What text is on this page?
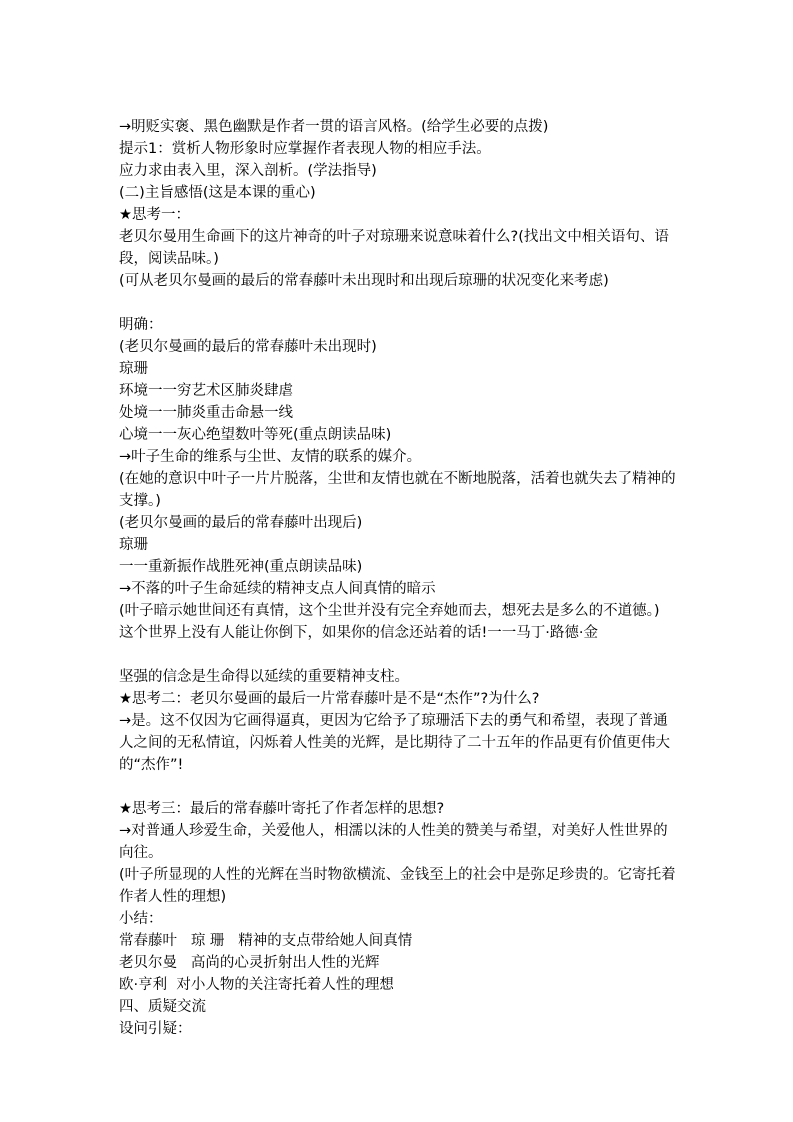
→明贬实褒、黑色幽默是作者一贯的语言风格。(给学生必要的点拨)
提示1：赏析人物形象时应掌握作者表现人物的相应手法。
应力求由表入里，深入剖析。(学法指导)
(二)主旨感悟(这是本课的重心)
★思考一：
老贝尔曼用生命画下的这片神奇的叶子对琼珊来说意味着什么?(找出文中相关语句、语段，阅读品味。)
(可从老贝尔曼画的最后的常春藤叶未出现时和出现后琼珊的状况变化来考虑)
明确：
(老贝尔曼画的最后的常春藤叶未出现时)
琼珊
环境一一穷艺术区肺炎肆虐
处境一一肺炎重击命悬一线
心境一一灰心绝望数叶等死(重点朗读品味)
→叶子生命的维系与尘世、友情的联系的媒介。
(在她的意识中叶子一片片脱落，尘世和友情也就在不断地脱落，活着也就失去了精神的支撑。)
(老贝尔曼画的最后的常春藤叶出现后)
琼珊
一一重新振作战胜死神(重点朗读品味)
→不落的叶子生命延续的精神支点人间真情的暗示
(叶子暗示她世间还有真情，这个尘世并没有完全弃她而去，想死去是多么的不道德。)
这个世界上没有人能让你倒下，如果你的信念还站着的话!一一马丁·路德·金
坚强的信念是生命得以延续的重要精神支柱。
★思考二：老贝尔曼画的最后一片常春藤叶是不是“杰作”?为什么?
→是。这不仅因为它画得逼真，更因为它给予了琼珊活下去的勇气和希望，表现了普通人之间的无私情谊，闪烁着人性美的光辉，是比期待了二十五年的作品更有价值更伟大的“杰作”!
★思考三：最后的常春藤叶寄托了作者怎样的思想?
→对普通人珍爱生命，关爱他人，相濡以沫的人性美的赞美与希望，对美好人性世界的向往。
(叶子所显现的人性的光辉在当时物欲横流、金钱至上的社会中是弥足珍贵的。它寄托着作者人性的理想)
小结：
常春藤叶   琼 珊   精神的支点带给她人间真情
老贝尔曼   高尚的心灵折射出人性的光辉
欧·亨利  对小人物的关注寄托着人性的理想
四、质疑交流
设问引疑：
